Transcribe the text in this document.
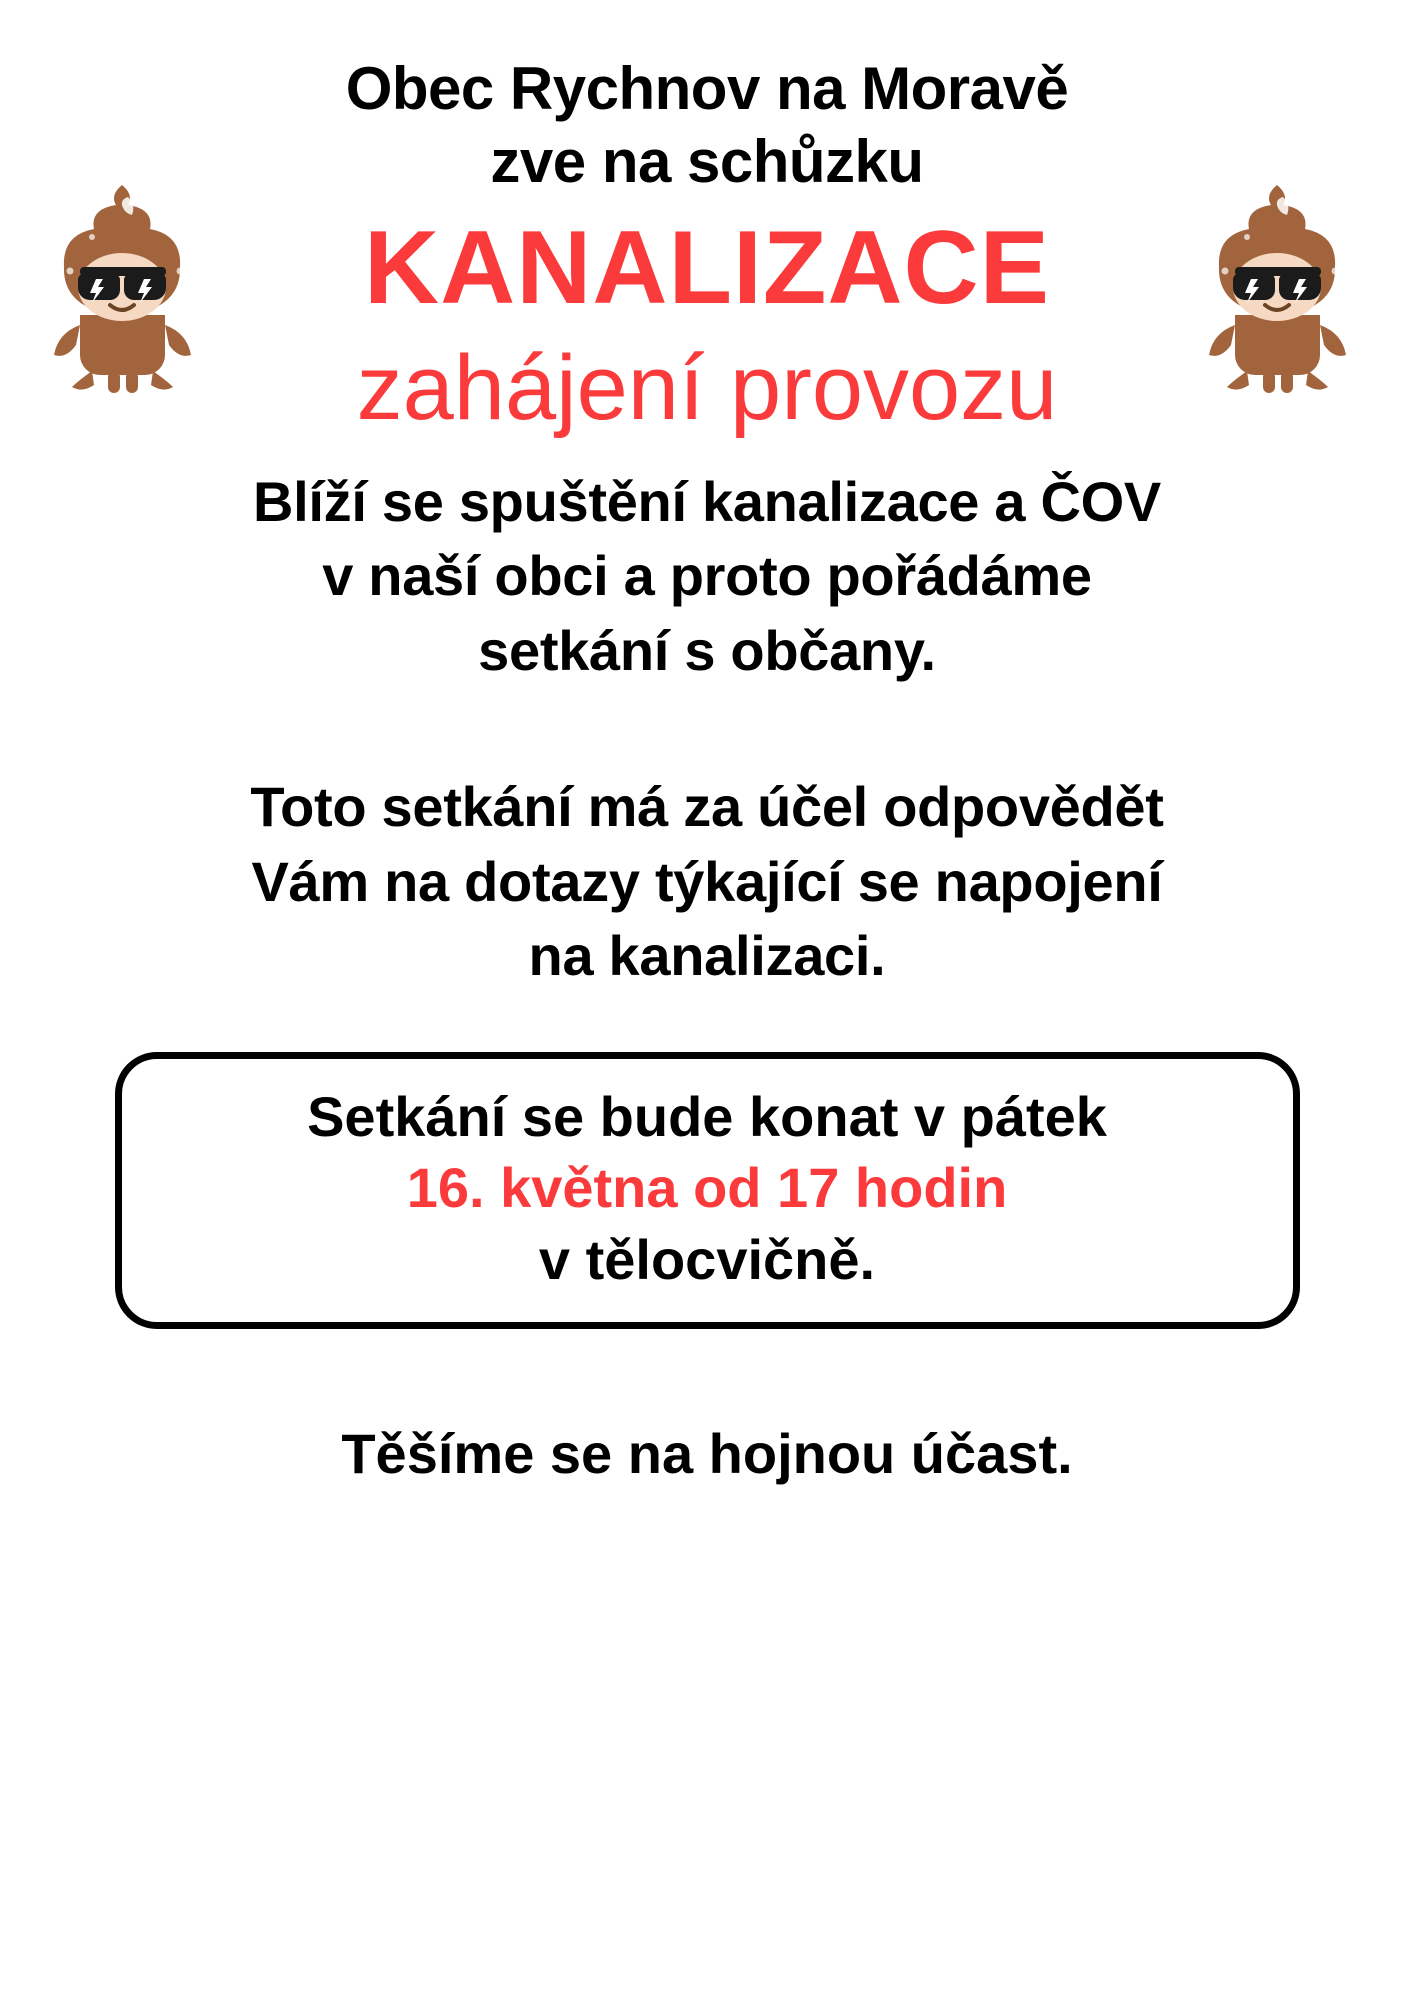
Obec Rychnov na Moravě
zve na schůzku
KANALIZACE
zahájení provozu
Blíží se spuštění kanalizace a ČOV
v naší obci a proto pořádáme
setkání s občany.
Toto setkání má za účel odpovědět
Vám na dotazy týkající se napojení
na kanalizaci.
Setkání se bude konat v pátek
16. května od 17 hodin
v tělocvičně.
Těšíme se na hojnou účast.
